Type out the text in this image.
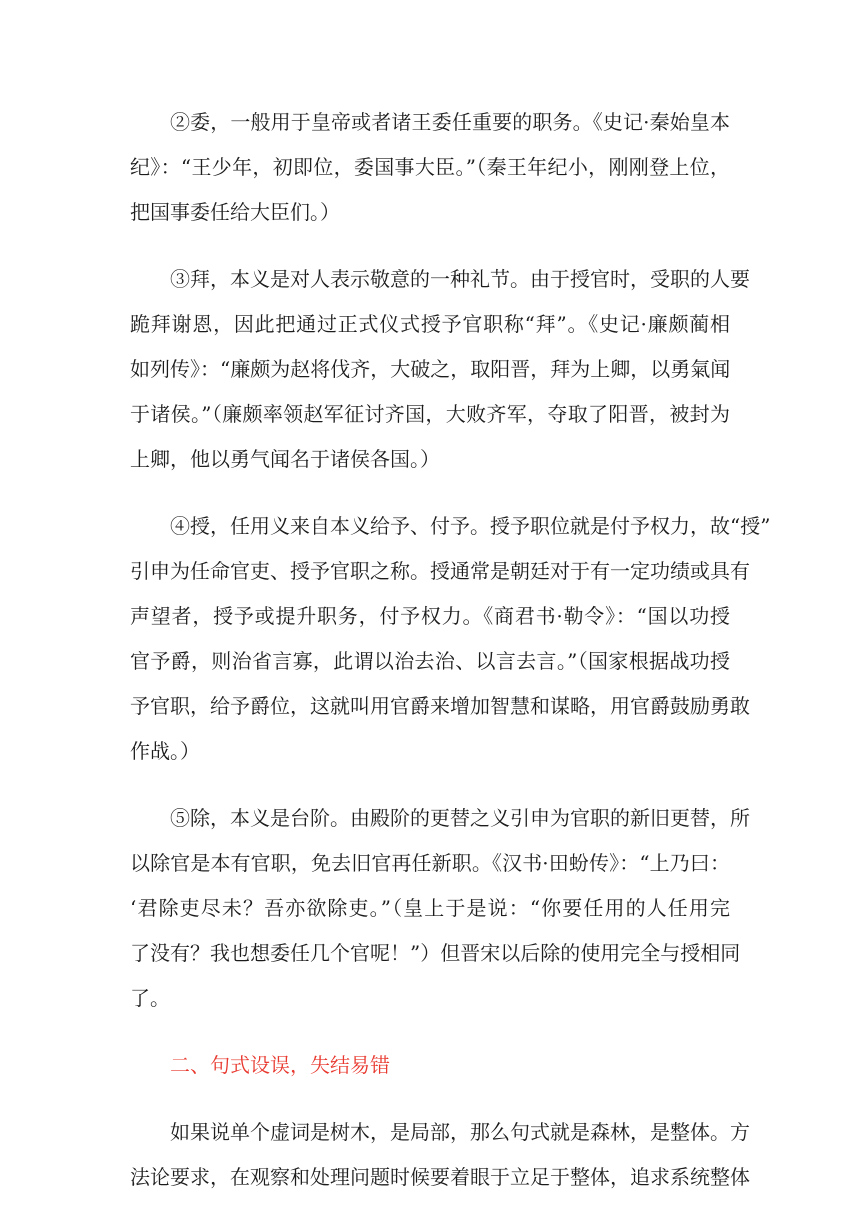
②委，一般用于皇帝或者诸王委任重要的职务。《史记·秦始皇本
纪》：“王少年，初即位，委国事大臣。”（秦王年纪小，刚刚登上位，
把国事委任给大臣们。）
③拜，本义是对人表示敬意的一种礼节。由于授官时，受职的人要
跪拜谢恩，因此把通过正式仪式授予官职称“拜”。《史记·廉颇蔺相
如列传》：“廉颇为赵将伐齐，大破之，取阳晋，拜为上卿，以勇氣闻
于诸侯。”（廉颇率领赵军征讨齐国，大败齐军，夺取了阳晋，被封为
上卿，他以勇气闻名于诸侯各国。）
④授，任用义来自本义给予、付予。授予职位就是付予权力，故“授”
引申为任命官吏、授予官职之称。授通常是朝廷对于有一定功绩或具有
声望者，授予或提升职务，付予权力。《商君书·勒令》：“国以功授
官予爵，则治省言寡，此谓以治去治、以言去言。”（国家根据战功授
予官职，给予爵位，这就叫用官爵来增加智慧和谋略，用官爵鼓励勇敢
作战。）
⑤除，本义是台阶。由殿阶的更替之义引申为官职的新旧更替，所
以除官是本有官职，免去旧官再任新职。《汉书·田蚡传》：“上乃曰：
‘君除吏尽未？吾亦欲除吏。”（皇上于是说：“你要任用的人任用完
了没有？我也想委任几个官呢！”）但晋宋以后除的使用完全与授相同
了。
二、句式设误，失结易错
如果说单个虚词是树木，是局部，那么句式就是森林，是整体。方
法论要求，在观察和处理问题时候要着眼于立足于整体，追求系统整体
